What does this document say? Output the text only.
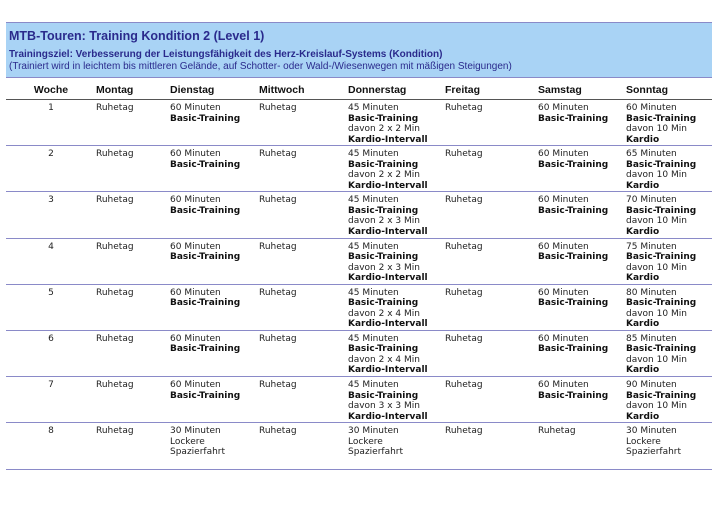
MTB-Touren: Training Kondition 2 (Level 1)
Trainingsziel: Verbesserung der Leistungsfähigkeit des Herz-Kreislauf-Systems (Kondition)
(Trainiert wird in leichtem bis mittleren Gelände, auf Schotter- oder Wald-/Wiesenwegen mit mäßigen Steigungen)
Woche	Montag	Dienstag	Mittwoch	Donnerstag	Freitag	Samstag	Sonntag
1	Ruhetag	60 Minuten
Basic-Training	Ruhetag	45 Minuten
Basic-Training
davon 2 x 2 Min
Kardio-Intervall	Ruhetag	60 Minuten
Basic-Training	60 Minuten
Basic-Training
davon 10 Min
Kardio

2	Ruhetag	60 Minuten
Basic-Training	Ruhetag	45 Minuten
Basic-Training
davon 2 x 2 Min
Kardio-Intervall	Ruhetag	60 Minuten
Basic-Training	65 Minuten
Basic-Training
davon 10 Min
Kardio

3	Ruhetag	60 Minuten
Basic-Training	Ruhetag	45 Minuten
Basic-Training
davon 2 x 3 Min
Kardio-Intervall	Ruhetag	60 Minuten
Basic-Training	70 Minuten
Basic-Training
davon 10 Min
Kardio

4	Ruhetag	60 Minuten
Basic-Training	Ruhetag	45 Minuten
Basic-Training
davon 2 x 3 Min
Kardio-Intervall	Ruhetag	60 Minuten
Basic-Training	75 Minuten
Basic-Training
davon 10 Min
Kardio

5	Ruhetag	60 Minuten
Basic-Training	Ruhetag	45 Minuten
Basic-Training
davon 2 x 4 Min
Kardio-Intervall	Ruhetag	60 Minuten
Basic-Training	80 Minuten
Basic-Training
davon 10 Min
Kardio

6	Ruhetag	60 Minuten
Basic-Training	Ruhetag	45 Minuten
Basic-Training
davon 2 x 4 Min
Kardio-Intervall	Ruhetag	60 Minuten
Basic-Training	85 Minuten
Basic-Training
davon 10 Min
Kardio

7	Ruhetag	60 Minuten
Basic-Training	Ruhetag	45 Minuten
Basic-Training
davon 3 x 3 Min
Kardio-Intervall	Ruhetag	60 Minuten
Basic-Training	90 Minuten
Basic-Training
davon 10 Min
Kardio

8	Ruhetag	30 Minuten
Lockere
Spazierfahrt	Ruhetag	30 Minuten
Lockere
Spazierfahrt	Ruhetag	Ruhetag	30 Minuten
Lockere
Spazierfahrt
